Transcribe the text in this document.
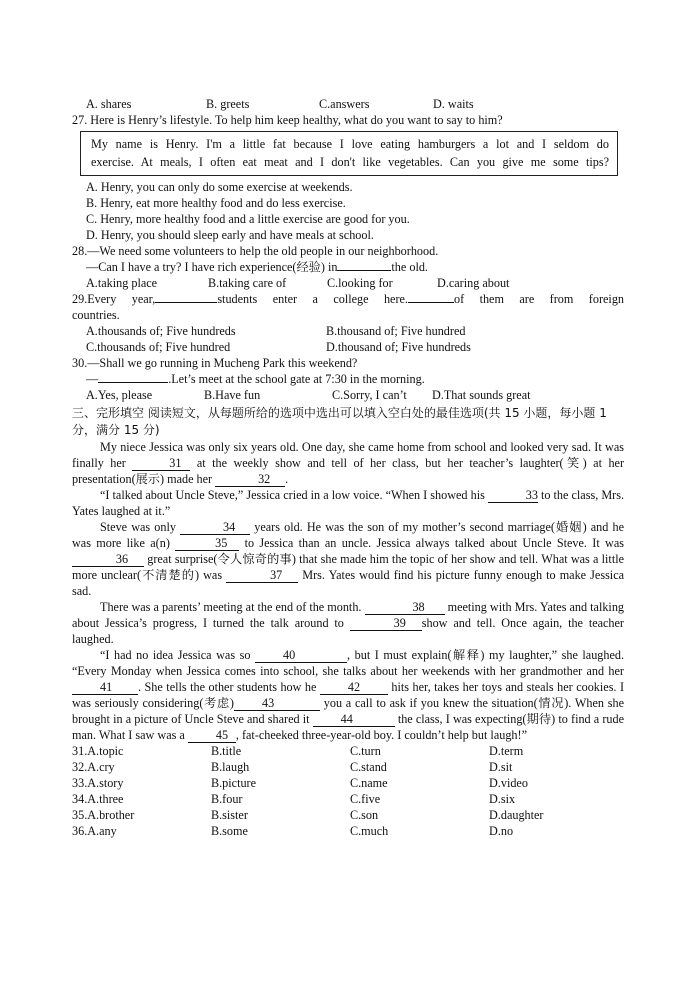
A. shares	B. greets	C.answers	D. waits

27. Here is Henry’s lifestyle. To help him keep healthy, what do you want to say to him?

My name is Henry. I'm a little fat because I love eating hamburgers a lot and I seldom do
exercise. At meals, I often eat meat and I don't like vegetables. Can you give me some tips?

A. Henry, you can only do some exercise at weekends.

B. Henry, eat more healthy food and do less exercise.

C. Henry, more healthy food and a little exercise are good for you.

D. Henry, you should sleep early and have meals at school.

28.—We need some volunteers to help the old people in our neighborhood.

—Can I have a try? I have rich experience(经验) in	the old.

A.taking place	B.taking care of	C.looking for	D.caring about
29.Every year,	students enter a college here.	of them are from foreign

countries.

A.thousands of; Five hundreds	B.thousand of; Five hundred
C.thousands of; Five hundred	D.thousand of; Five hundreds

30.—Shall we go running in Mucheng Park this weekend?

—	.Let’s meet at the school gate at 7:30 in the morning.

A.Yes, please	B.Have fun	C.Sorry, I can’t	D.That sounds great
三、完形填空 阅读短文，从每题所给的选项中选出可以填入空白处的最佳选项(共 15 小题，每小题 1 分，满分 15 分)

My niece Jessica was only six years old. One day, she came home from school and looked very sad. It was finally her	31 at the weekly show and tell of her class, but her teacher’s laughter(笑) at her presentation(展示) made her	32 .

“I talked about Uncle Steve,” Jessica cried in a low voice. “When I showed his	33 to the class, Mrs. Yates laughed at it.”

Steve was only	34 years old. He was the son of my mother’s second marriage(婚姻) and he was more like a(n)	35 to Jessica than an uncle. Jessica always talked about Uncle Steve. It was 36 great surprise(令人惊奇的事) that she made him the topic of her show and tell. What was a little more unclear(不清楚的) was	37 Mrs. Yates would find his picture funny enough to make Jessica sad.

There was a parents’ meeting at the end of the month.	38 meeting with Mrs. Yates and talking about Jessica’s progress, I turned the talk around to	39 show and tell. Once again, the teacher laughed.

“I had no idea Jessica was so	40	, but I must explain(解释) my laughter,” she laughed. “Every Monday when Jessica comes into school, she talks about her weekends with her grandmother and her 41 . She tells the other students how he	42	hits her, takes her toys and steals her cookies. I was seriously considering(考虑) 43	you a call to ask if you knew the situation(情况). When she brought in a picture of Uncle Steve and shared it	44	the class, I was expecting(期待) to find a rude man. What I saw was a	45 , fat-cheeked three-year-old boy. I couldn’t help but laugh!”

31.A.topic	B.title	C.turn	D.term
32.A.cry	B.laugh	C.stand	D.sit
33.A.story	B.picture	C.name	D.video
34.A.three	B.four	C.five	D.six
35.A.brother	B.sister	C.son	D.daughter
36.A.any	B.some	C.much	D.no
